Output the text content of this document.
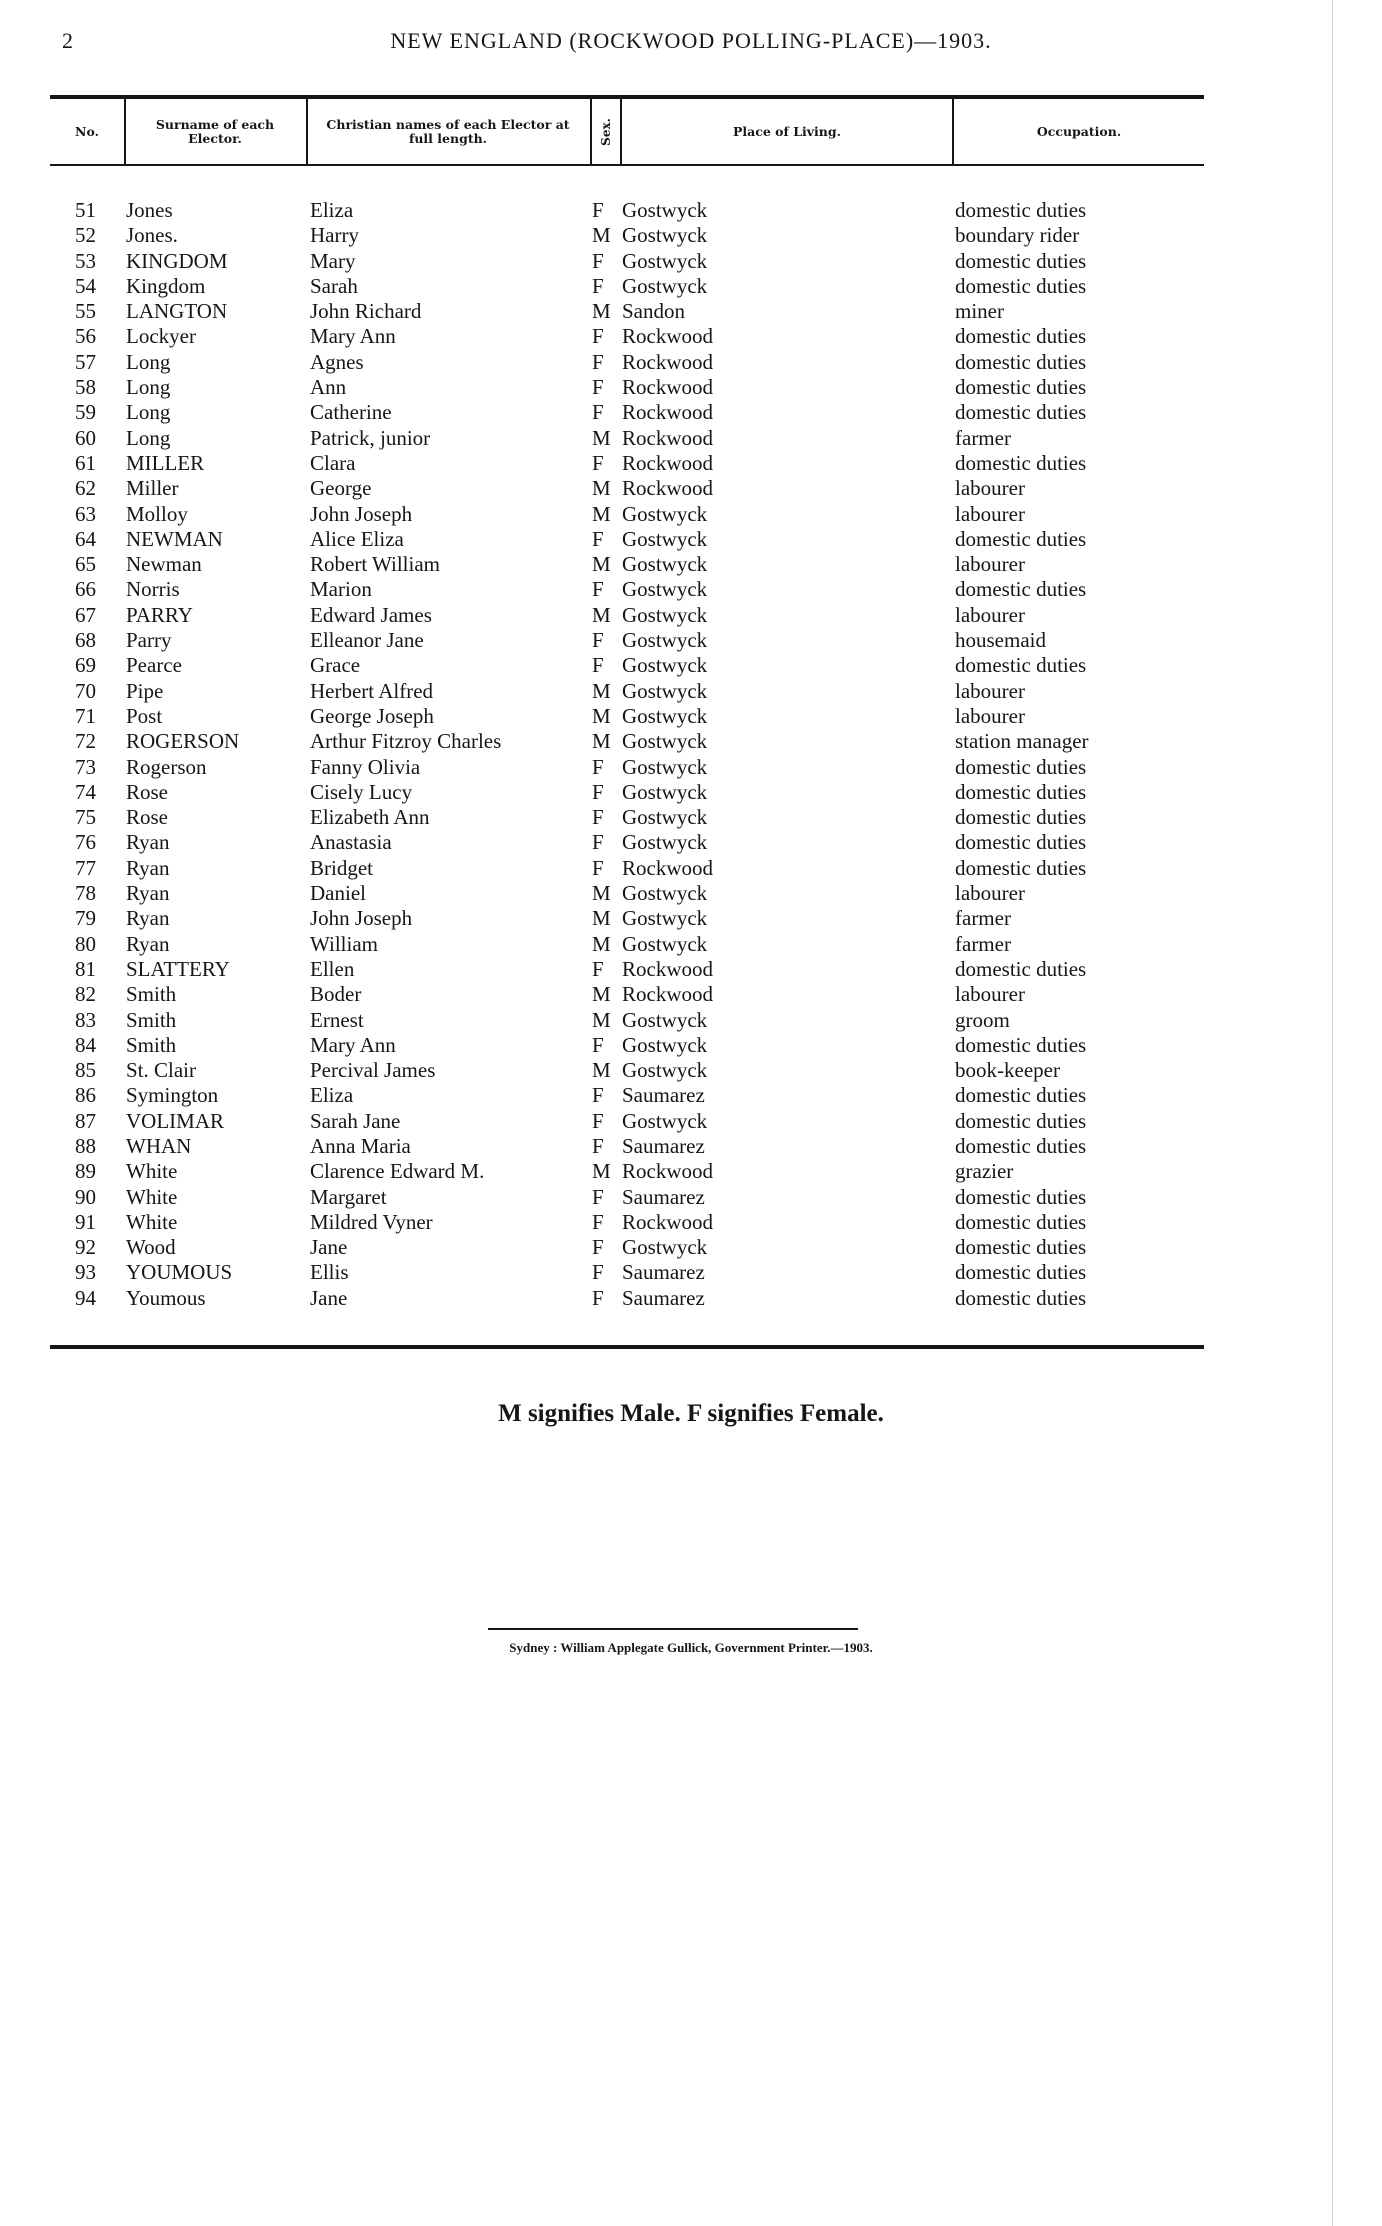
2	NEW ENGLAND (ROCKWOOD POLLING-PLACE)—1903.
No.	Surname of each Elector.
Christian names of each Elector at full length.	Sex.	Place of Living.	Occupation.
51 Jones	Eliza	F Gostwyck	domestic duties
52 Jones.	Harry	M Gostwyck	boundary rider
53 KINGDOM	Mary	F Gostwyck	domestic duties
54 Kingdom	Sarah	F Gostwyck	domestic duties
55 LANGTON	John Richard	M Sandon	miner
56 Lockyer	Mary Ann	F Rockwood	domestic duties
57 Long	Agnes	F Rockwood	domestic duties
58 Long	Ann	F Rockwood	domestic duties
59 Long	Catherine	F Rockwood	domestic duties
60 Long	Patrick, junior	M Rockwood	farmer
61 MILLER	Clara	F Rockwood	domestic duties
62 Miller	George	M Rockwood	labourer
63 Molloy	John Joseph	M Gostwyck	labourer
64 NEWMAN	Alice Eliza	F Gostwyck	domestic duties
65 Newman	Robert William	M Gostwyck	labourer
66 Norris	Marion	F Gostwyck	domestic duties
67 PARRY	Edward James	M Gostwyck	labourer
68 Parry	Elleanor Jane	F Gostwyck	housemaid
69 Pearce	Grace	F Gostwyck	domestic duties
70 Pipe	Herbert Alfred	M Gostwyck	labourer
71 Post	George Joseph	M Gostwyck	labourer
72 ROGERSON	Arthur Fitzroy Charles	M Gostwyck	station manager
73 Rogerson	Fanny Olivia	F Gostwyck	domestic duties
74 Rose	Cisely Lucy	F Gostwyck	domestic duties
75 Rose	Elizabeth Ann	F Gostwyck	domestic duties
76 Ryan	Anastasia	F Gostwyck	domestic duties
77 Ryan	Bridget	F Rockwood	domestic duties
78 Ryan	Daniel	M Gostwyck	labourer
79 Ryan	John Joseph	M Gostwyck	farmer
80 Ryan	William	M Gostwyck	farmer
81 SLATTERY	Ellen	F Rockwood	domestic duties
82 Smith	Boder	M Rockwood	labourer
83 Smith	Ernest	M Gostwyck	groom
84 Smith	Mary Ann	F Gostwyck	domestic duties
85 St. Clair	Percival James	M Gostwyck	book-keeper
86 Symington	Eliza	F Saumarez	domestic duties
87 VOLIMAR	Sarah Jane	F Gostwyck	domestic duties
88 WHAN	Anna Maria	F Saumarez	domestic duties
89 White	Clarence Edward M.	M Rockwood	grazier
90 White	Margaret	F Saumarez	domestic duties
91 White	Mildred Vyner	F Rockwood	domestic duties
92 Wood	Jane	F Gostwyck	domestic duties
93 YOUMOUS	Ellis	F Saumarez	domestic duties
94 Youmous	Jane	F Saumarez	domestic duties
M signifies Male. F signifies Female.
Sydney : William Applegate Gullick, Government Printer.—1903.
